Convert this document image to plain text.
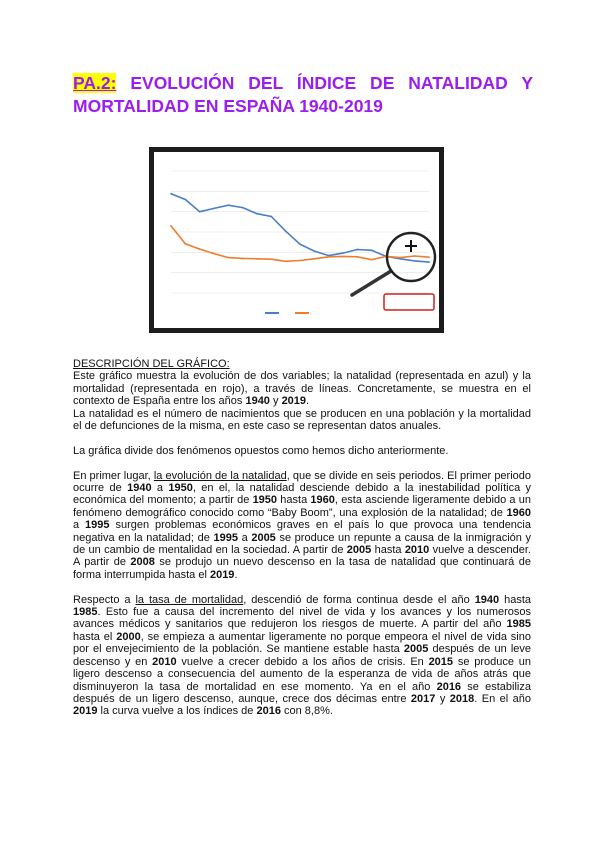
PA.2: EVOLUCIÓN DEL ÍNDICE DE NATALIDAD Y MORTALIDAD EN ESPAÑA 1940-2019

DESCRIPCIÓN DEL GRÁFICO:

Este gráfico muestra la evolución de dos variables; la natalidad (representada en azul) y la mortalidad (representada en rojo), a través de líneas. Concretamente, se muestra en el contexto de España entre los años 1940 y 2019.

La natalidad es el número de nacimientos que se producen en una población y la mortalidad el de defunciones de la misma, en este caso se representan datos anuales.

La gráfica divide dos fenómenos opuestos como hemos dicho anteriormente.

En primer lugar, la evolución de la natalidad, que se divide en seis periodos. El primer periodo ocurre de 1940 a 1950, en el, la natalidad desciende debido a la inestabilidad política y económica del momento; a partir de 1950 hasta 1960, esta asciende ligeramente debido a un fenómeno demográfico conocido como “Baby Boom”, una explosión de la natalidad; de 1960 a 1995 surgen problemas económicos graves en el país lo que provoca una tendencia negativa en la natalidad; de 1995 a 2005 se produce un repunte a causa de la inmigración y de un cambio de mentalidad en la sociedad. A partir de 2005 hasta 2010 vuelve a descender. A partir de 2008 se produjo un nuevo descenso en la tasa de natalidad que continuará de forma interrumpida hasta el 2019.

Respecto a la tasa de mortalidad, descendió de forma continua desde el año 1940 hasta 1985. Esto fue a causa del incremento del nivel de vida y los avances y los numerosos avances médicos y sanitarios que redujeron los riesgos de muerte. A partir del año 1985 hasta el 2000, se empieza a aumentar ligeramente no porque empeora el nivel de vida sino por el envejecimiento de la población. Se mantiene estable hasta 2005 después de un leve descenso y en 2010 vuelve a crecer debido a los años de crisis. En 2015 se produce un ligero descenso a consecuencia del aumento de la esperanza de vida de años atrás que disminuyeron la tasa de mortalidad en ese momento. Ya en el año 2016 se estabiliza después de un ligero descenso, aunque, crece dos décimas entre 2017 y 2018. En el año 2019 la curva vuelve a los índices de 2016 con 8,8%.
